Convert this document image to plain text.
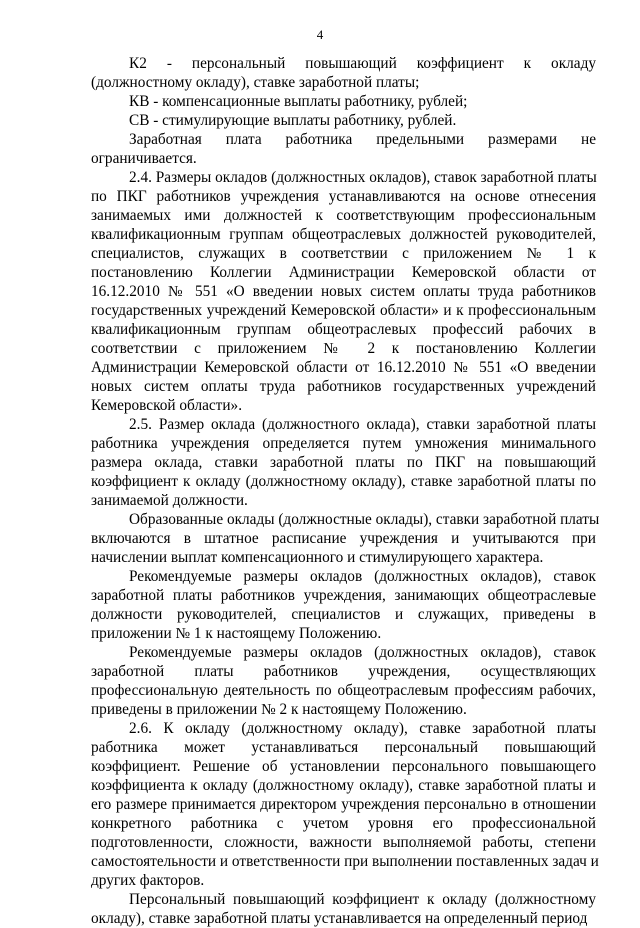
4
К2 - персональный повышающий коэффициент к окладу
(должностному окладу), ставке заработной платы;
КВ - компенсационные выплаты работнику, рублей;
СВ - стимулирующие выплаты работнику, рублей.
Заработная плата работника предельными размерами не
ограничивается.
2.4. Размеры окладов (должностных окладов), ставок заработной платы
по ПКГ работников учреждения устанавливаются на основе отнесения
занимаемых ими должностей к соответствующим профессиональным
квалификационным группам общеотраслевых должностей руководителей,
специалистов, служащих в соответствии с приложением № 1 к
постановлению Коллегии Администрации Кемеровской области от
16.12.2010 № 551 «О введении новых систем оплаты труда работников
государственных учреждений Кемеровской области» и к профессиональным
квалификационным группам общеотраслевых профессий рабочих в
соответствии с приложением № 2 к постановлению Коллегии
Администрации Кемеровской области от 16.12.2010 № 551 «О введении
новых систем оплаты труда работников государственных учреждений
Кемеровской области».
2.5. Размер оклада (должностного оклада), ставки заработной платы
работника учреждения определяется путем умножения минимального
размера оклада, ставки заработной платы по ПКГ на повышающий
коэффициент к окладу (должностному окладу), ставке заработной платы по
занимаемой должности.
Образованные оклады (должностные оклады), ставки заработной платы
включаются в штатное расписание учреждения и учитываются при
начислении выплат компенсационного и стимулирующего характера.
Рекомендуемые размеры окладов (должностных окладов), ставок
заработной платы работников учреждения, занимающих общеотраслевые
должности руководителей, специалистов и служащих, приведены в
приложении № 1 к настоящему Положению.
Рекомендуемые размеры окладов (должностных окладов), ставок
заработной платы работников учреждения, осуществляющих
профессиональную деятельность по общеотраслевым профессиям рабочих,
приведены в приложении № 2 к настоящему Положению.
2.6. К окладу (должностному окладу), ставке заработной платы
работника может устанавливаться персональный повышающий
коэффициент. Решение об установлении персонального повышающего
коэффициента к окладу (должностному окладу), ставке заработной платы и
его размере принимается директором учреждения персонально в отношении
конкретного работника с учетом уровня его профессиональной
подготовленности, сложности, важности выполняемой работы, степени
самостоятельности и ответственности при выполнении поставленных задач и
других факторов.
Персональный повышающий коэффициент к окладу (должностному
окладу), ставке заработной платы устанавливается на определенный период
